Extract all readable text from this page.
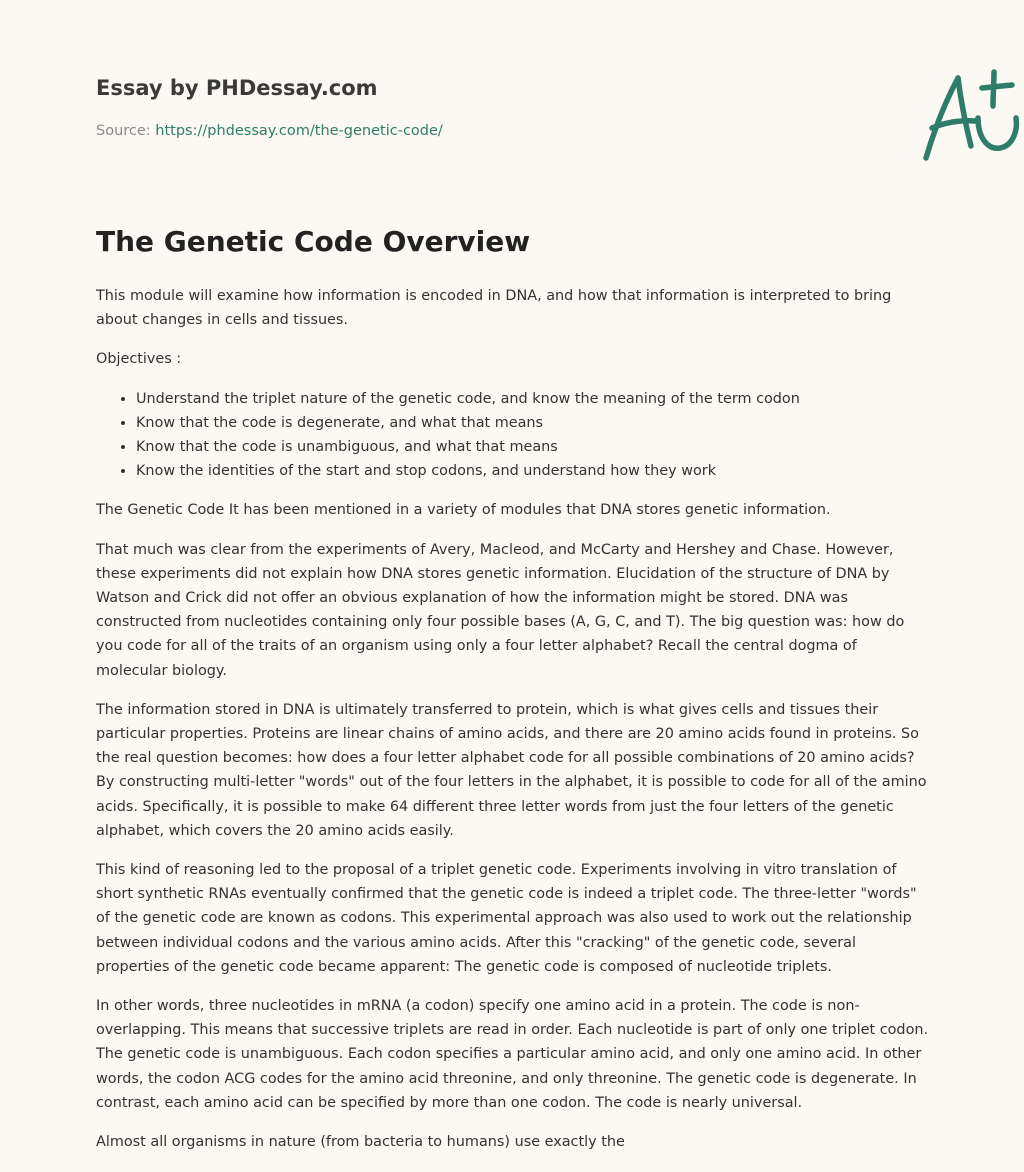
Essay by PHDessay.com
Source: https://phdessay.com/the-genetic-code/
The Genetic Code Overview

This module will examine how information is encoded in DNA, and how that information is interpreted to bring about changes in cells and tissues.

Objectives :

• Understand the triplet nature of the genetic code, and know the meaning of the term codon
• Know that the code is degenerate, and what that means
• Know that the code is unambiguous, and what that means
• Know the identities of the start and stop codons, and understand how they work

The Genetic Code It has been mentioned in a variety of modules that DNA stores genetic information.

That much was clear from the experiments of Avery, Macleod, and McCarty and Hershey and Chase. However, these experiments did not explain how DNA stores genetic information. Elucidation of the structure of DNA by Watson and Crick did not offer an obvious explanation of how the information might be stored. DNA was constructed from nucleotides containing only four possible bases (A, G, C, and T). The big question was: how do you code for all of the traits of an organism using only a four letter alphabet? Recall the central dogma of molecular biology.

The information stored in DNA is ultimately transferred to protein, which is what gives cells and tissues their particular properties. Proteins are linear chains of amino acids, and there are 20 amino acids found in proteins. So the real question becomes: how does a four letter alphabet code for all possible combinations of 20 amino acids? By constructing multi-letter "words" out of the four letters in the alphabet, it is possible to code for all of the amino acids. Specifically, it is possible to make 64 different three letter words from just the four letters of the genetic alphabet, which covers the 20 amino acids easily.

This kind of reasoning led to the proposal of a triplet genetic code. Experiments involving in vitro translation of short synthetic RNAs eventually confirmed that the genetic code is indeed a triplet code. The three-letter "words" of the genetic code are known as codons. This experimental approach was also used to work out the relationship between individual codons and the various amino acids. After this "cracking" of the genetic code, several properties of the genetic code became apparent: The genetic code is composed of nucleotide triplets.

In other words, three nucleotides in mRNA (a codon) specify one amino acid in a protein. The code is non-overlapping. This means that successive triplets are read in order. Each nucleotide is part of only one triplet codon. The genetic code is unambiguous. Each codon specifies a particular amino acid, and only one amino acid. In other words, the codon ACG codes for the amino acid threonine, and only threonine. The genetic code is degenerate. In contrast, each amino acid can be specified by more than one codon. The code is nearly universal.

Almost all organisms in nature (from bacteria to humans) use exactly the
